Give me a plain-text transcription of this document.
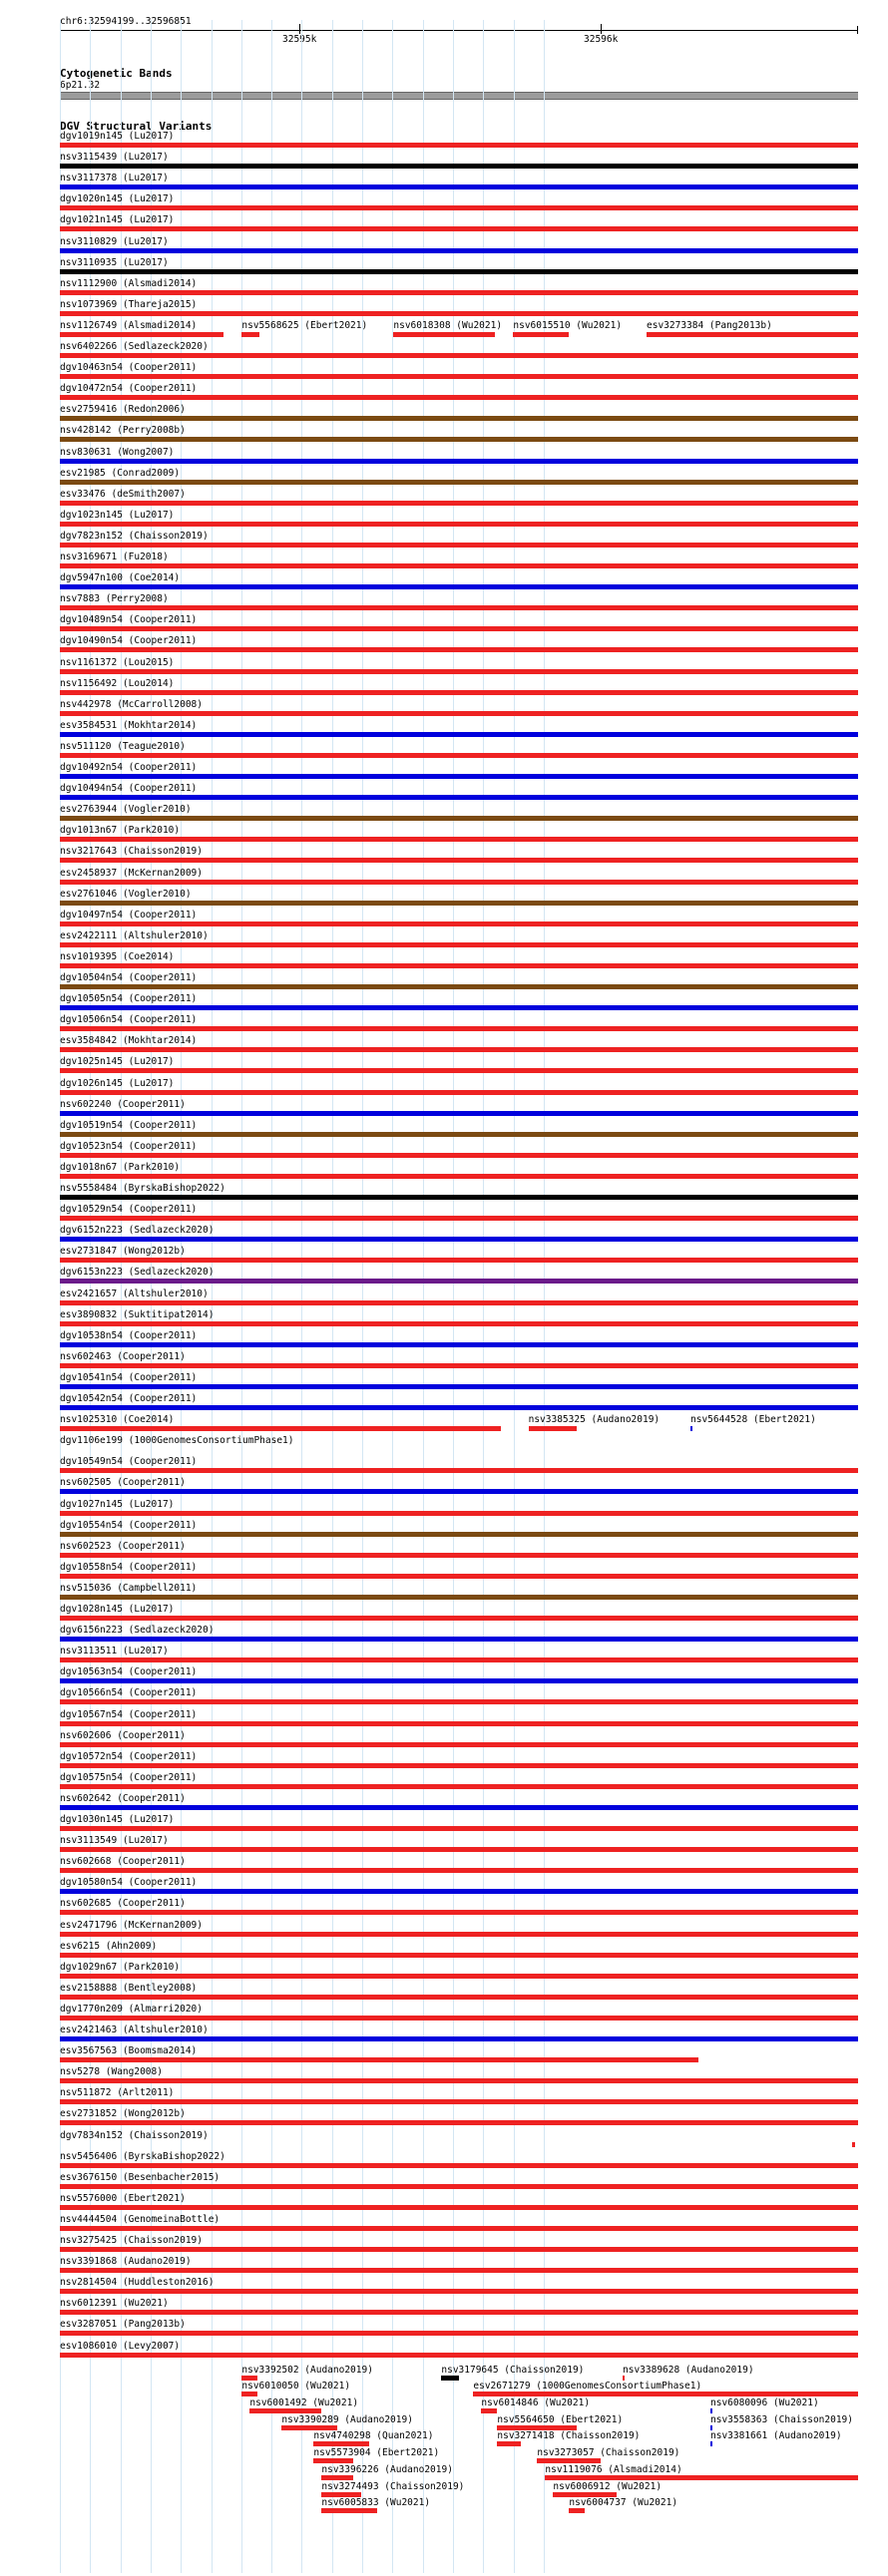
chr6:32594199..32596851
32595k	32596k
Cytogenetic Bands
6p21.32
DGV Structural Variants
dgv1019n145 (Lu2017)
nsv3115439 (Lu2017)
nsv3117378 (Lu2017)
dgv1020n145 (Lu2017)
dgv1021n145 (Lu2017)
nsv3110829 (Lu2017)
nsv3110935 (Lu2017)
nsv1112900 (Alsmadi2014)
nsv1073969 (Thareja2015)
nsv1126749 (Alsmadi2014)	nsv5568625 (Ebert2021)	nsv6018308 (Wu2021) nsv6015510 (Wu2021)	esv3273384 (Pang2013b)
nsv6402266 (Sedlazeck2020)
dgv10463n54 (Cooper2011)
dgv10472n54 (Cooper2011)
esv2759416 (Redon2006)
nsv428142 (Perry2008b)
nsv830631 (Wong2007)
esv21985 (Conrad2009)
esv33476 (deSmith2007)
dgv1023n145 (Lu2017)
dgv7823n152 (Chaisson2019)
nsv3169671 (Fu2018)
dgv5947n100 (Coe2014)
nsv7883 (Perry2008)
dgv10489n54 (Cooper2011)
dgv10490n54 (Cooper2011)
nsv1161372 (Lou2015)
nsv1156492 (Lou2014)
nsv442978 (McCarroll2008)
esv3584531 (Mokhtar2014)
nsv511120 (Teague2010)
dgv10492n54 (Cooper2011)
dgv10494n54 (Cooper2011)
esv2763944 (Vogler2010)
dgv1013n67 (Park2010)
nsv3217643 (Chaisson2019)
esv2458937 (McKernan2009)
esv2761046 (Vogler2010)
dgv10497n54 (Cooper2011)
esv2422111 (Altshuler2010)
nsv1019395 (Coe2014)
dgv10504n54 (Cooper2011)
dgv10505n54 (Cooper2011)
dgv10506n54 (Cooper2011)
esv3584842 (Mokhtar2014)
dgv1025n145 (Lu2017)
dgv1026n145 (Lu2017)
nsv602240 (Cooper2011)
dgv10519n54 (Cooper2011)
dgv10523n54 (Cooper2011)
dgv1018n67 (Park2010)
nsv5558484 (ByrskaBishop2022)
dgv10529n54 (Cooper2011)
dgv6152n223 (Sedlazeck2020)
esv2731847 (Wong2012b)
dgv6153n223 (Sedlazeck2020)
esv2421657 (Altshuler2010)
esv3890832 (Suktitipat2014)
dgv10538n54 (Cooper2011)
nsv602463 (Cooper2011)
dgv10541n54 (Cooper2011)
dgv10542n54 (Cooper2011)
nsv1025310 (Coe2014)	nsv3385325 (Audano2019)	nsv5644528 (Ebert2021)
dgv1106e199 (1000GenomesConsortiumPhase1)
dgv10549n54 (Cooper2011)
nsv602505 (Cooper2011)
dgv1027n145 (Lu2017)
dgv10554n54 (Cooper2011)
nsv602523 (Cooper2011)
dgv10558n54 (Cooper2011)
nsv515036 (Campbell2011)
dgv1028n145 (Lu2017)
dgv6156n223 (Sedlazeck2020)
nsv3113511 (Lu2017)
dgv10563n54 (Cooper2011)
dgv10566n54 (Cooper2011)
dgv10567n54 (Cooper2011)
nsv602606 (Cooper2011)
dgv10572n54 (Cooper2011)
dgv10575n54 (Cooper2011)
nsv602642 (Cooper2011)
dgv1030n145 (Lu2017)
nsv3113549 (Lu2017)
nsv602668 (Cooper2011)
dgv10580n54 (Cooper2011)
nsv602685 (Cooper2011)
esv2471796 (McKernan2009)
esv6215 (Ahn2009)
dgv1029n67 (Park2010)
esv2158888 (Bentley2008)
dgv1770n209 (Almarri2020)
esv2421463 (Altshuler2010)
esv3567563 (Boomsma2014)
nsv5278 (Wang2008)
nsv511872 (Arlt2011)
esv2731852 (Wong2012b)
dgv7834n152 (Chaisson2019)
nsv5456406 (ByrskaBishop2022)
esv3676150 (Besenbacher2015)
nsv5576000 (Ebert2021)
nsv4444504 (GenomeinaBottle)
nsv3275425 (Chaisson2019)
nsv3391868 (Audano2019)
nsv2814504 (Huddleston2016)
nsv6012391 (Wu2021)
esv3287051 (Pang2013b)
esv1086010 (Levy2007)
nsv3392502 (Audano2019)	nsv3179645 (Chaisson2019)	nsv3389628 (Audano2019)
nsv6010050 (Wu2021)	esv2671279 (1000GenomesConsortiumPhase1)
nsv6001492 (Wu2021)	nsv6014846 (Wu2021)	nsv6080096 (Wu2021)
nsv3390289 (Audano2019)	nsv5564650 (Ebert2021)	nsv3558363 (Chaisson2019)
nsv4740298 (Quan2021)	nsv3271418 (Chaisson2019)	nsv3381661 (Audano2019)
nsv5573904 (Ebert2021)	nsv3273057 (Chaisson2019)
nsv3396226 (Audano2019)	nsv1119076 (Alsmadi2014)
nsv3274493 (Chaisson2019)	nsv6006912 (Wu2021)
nsv6005833 (Wu2021)	nsv6004737 (Wu2021)
